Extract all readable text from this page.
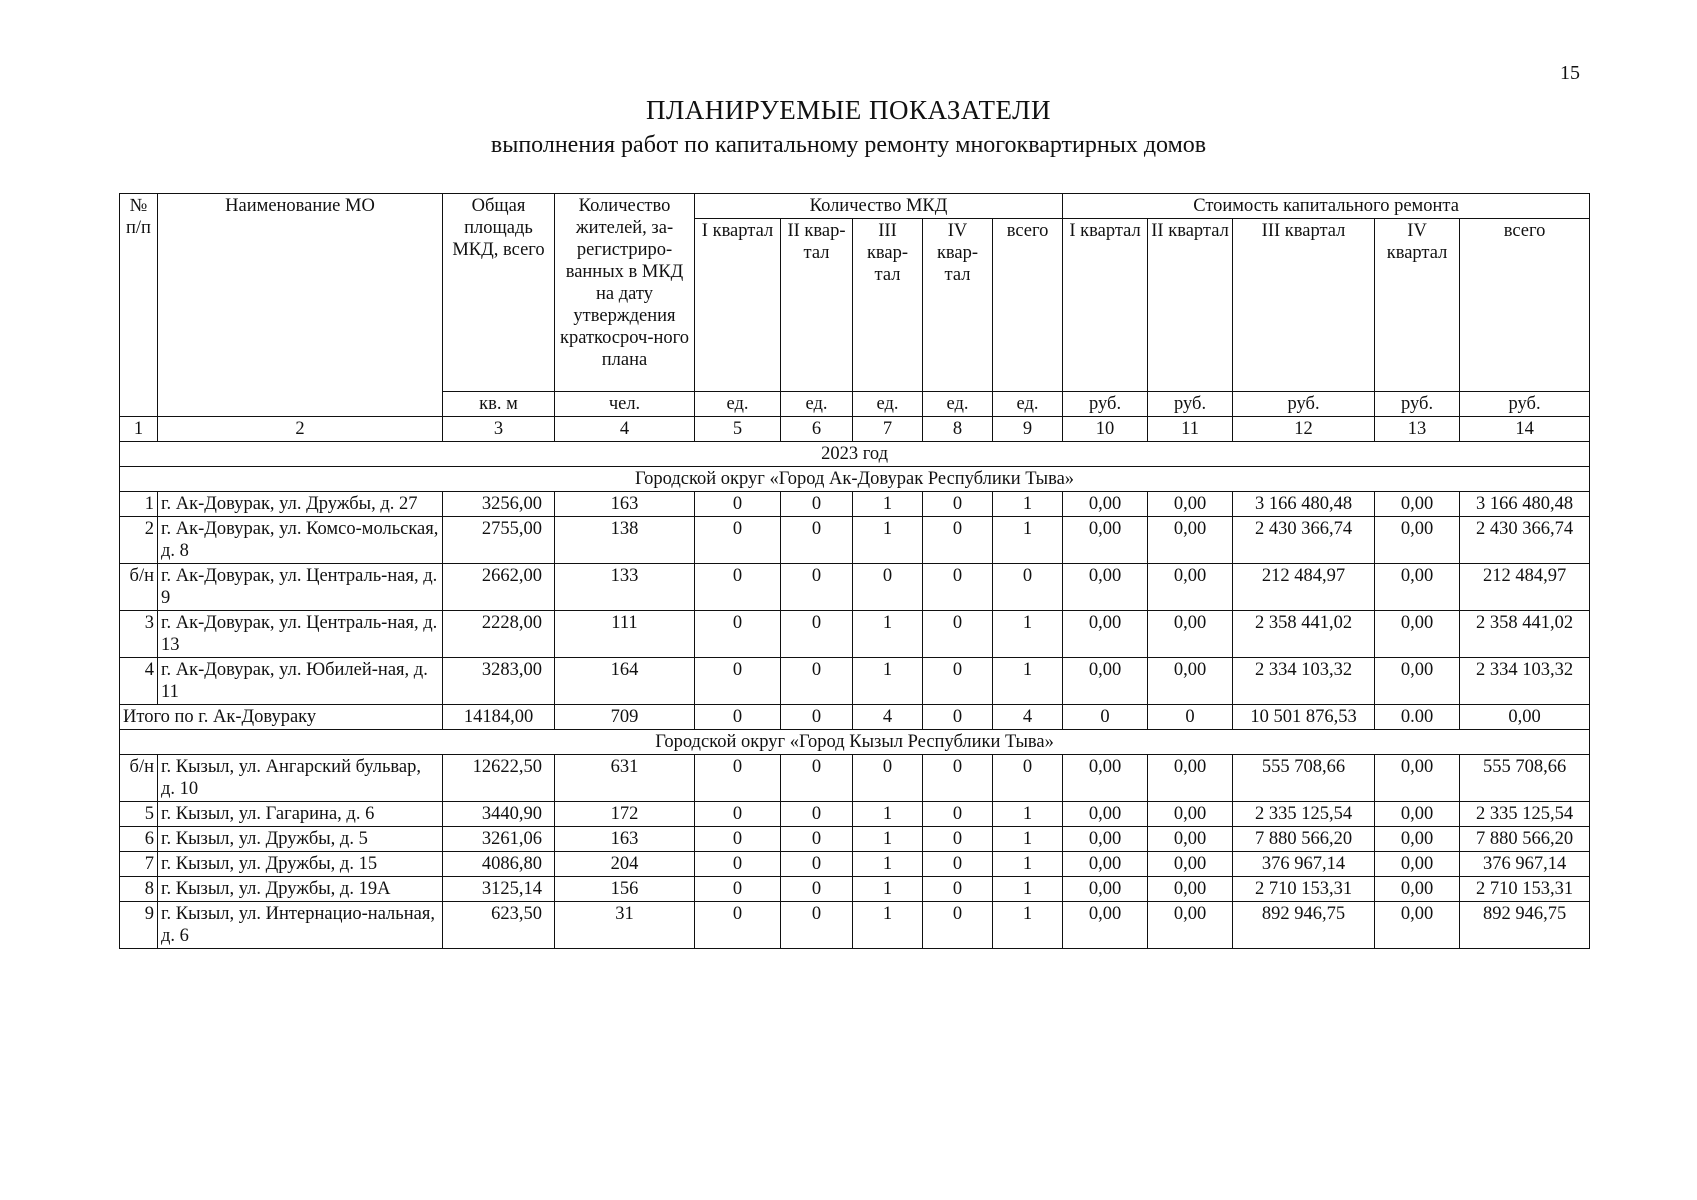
15
ПЛАНИРУЕМЫЕ ПОКАЗАТЕЛИ
выполнения работ по капитальному ремонту многоквартирных домов
№ п/п	Наименование МО	Общая площадь МКД, всего	Количество жителей, за-регистриро-ванных в МКД на дату утверждения краткосроч-ного плана	Количество МКД					Стоимость капитального ремонта				
				I квартал	II квар-тал	III квар-тал	IV квар-тал	всего	I квартал	II квартал	III квартал	IV квартал	всего
		кв. м	чел.	ед.	ед.	ед.	ед.	ед.	руб.	руб.	руб.	руб.	руб.
1	2	3	4	5	6	7	8	9	10	11	12	13	14
2023 год													
Городской округ «Город Ак-Довурак Республики Тыва»													
1	г. Ак-Довурак, ул. Дружбы, д. 27	3256,00	163	0	0	1	0	1	0,00	0,00	3 166 480,48	0,00	3 166 480,48
2	г. Ак-Довурак, ул. Комсо-мольская, д. 8	2755,00	138	0	0	1	0	1	0,00	0,00	2 430 366,74	0,00	2 430 366,74
б/н	г. Ак-Довурак, ул. Централь-ная, д. 9	2662,00	133	0	0	0	0	0	0,00	0,00	212 484,97	0,00	212 484,97
3	г. Ак-Довурак, ул. Централь-ная, д. 13	2228,00	111	0	0	1	0	1	0,00	0,00	2 358 441,02	0,00	2 358 441,02
4	г. Ак-Довурак, ул. Юбилей-ная, д. 11	3283,00	164	0	0	1	0	1	0,00	0,00	2 334 103,32	0,00	2 334 103,32
Итого по г. Ак-Довураку		14184,00	709	0	0	4	0	4	0	0	10 501 876,53	0.00	0,00
Городской округ «Город Кызыл Республики Тыва»													
б/н	г. Кызыл, ул. Ангарский бульвар, д. 10	12622,50	631	0	0	0	0	0	0,00	0,00	555 708,66	0,00	555 708,66
5	г. Кызыл, ул. Гагарина, д. 6	3440,90	172	0	0	1	0	1	0,00	0,00	2 335 125,54	0,00	2 335 125,54
6	г. Кызыл, ул. Дружбы, д. 5	3261,06	163	0	0	1	0	1	0,00	0,00	7 880 566,20	0,00	7 880 566,20
7	г. Кызыл, ул. Дружбы, д. 15	4086,80	204	0	0	1	0	1	0,00	0,00	376 967,14	0,00	376 967,14
8	г. Кызыл, ул. Дружбы, д. 19А	3125,14	156	0	0	1	0	1	0,00	0,00	2 710 153,31	0,00	2 710 153,31
9	г. Кызыл, ул. Интернацио-нальная, д. 6	623,50	31	0	0	1	0	1	0,00	0,00	892 946,75	0,00	892 946,75
